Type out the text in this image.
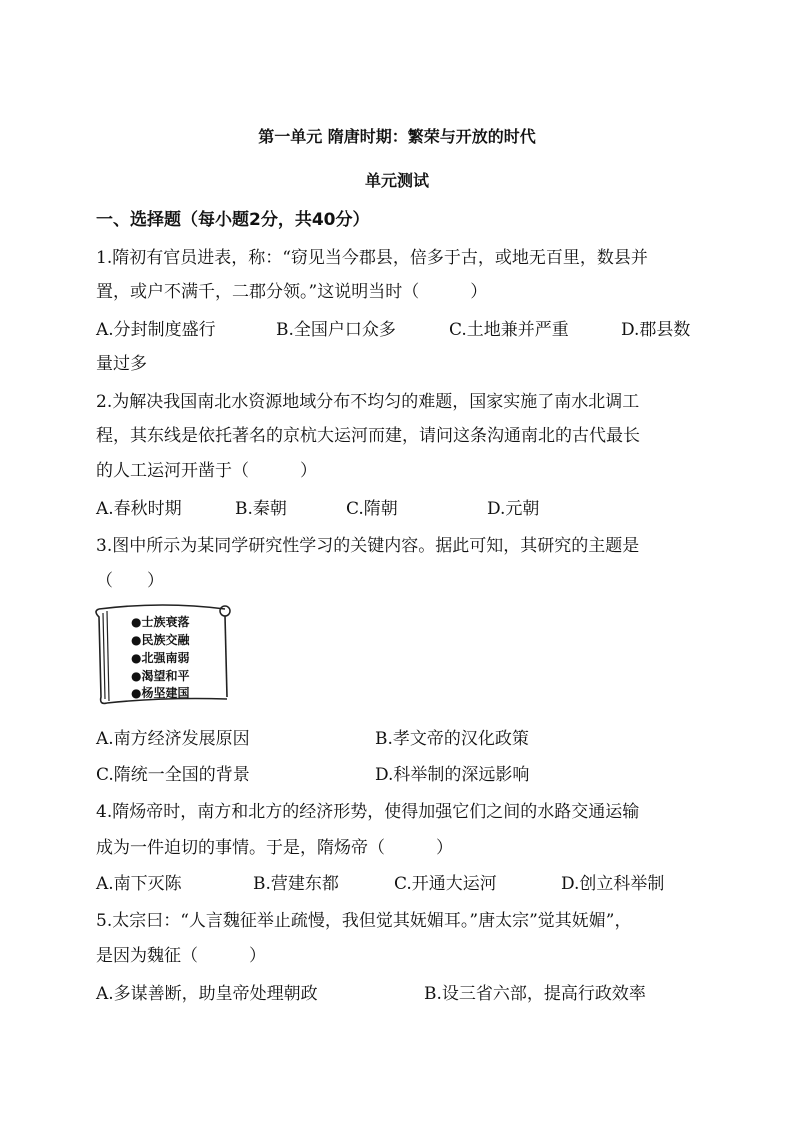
第一单元 隋唐时期：繁荣与开放的时代
单元测试
一、选择题（每小题2分，共40分）
1.隋初有官员进表，称：“窃见当今郡县，倍多于古，或地无百里，数县并
置，或户不满千，二郡分领。”这说明当时（　　　）
A.分封制度盛行	B.全国户口众多	C.土地兼并严重	D.郡县数
量过多
2.为解决我国南北水资源地域分布不均匀的难题，国家实施了南水北调工
程，其东线是依托著名的京杭大运河而建，请问这条沟通南北的古代最长
的人工运河开凿于（　　　）
A.春秋时期	B.秦朝	C.隋朝	D.元朝
3.图中所示为某同学研究性学习的关键内容。据此可知，其研究的主题是
（　　）
●士族衰落
●民族交融
●北强南弱
●渴望和平
●杨坚建国
A.南方经济发展原因	B.孝文帝的汉化政策
C.隋统一全国的背景	D.科举制的深远影响
4.隋炀帝时，南方和北方的经济形势，使得加强它们之间的水路交通运输
成为一件迫切的事情。于是，隋炀帝（　　　）
A.南下灭陈	B.营建东都	C.开通大运河	D.创立科举制
5.太宗曰：“人言魏征举止疏慢，我但觉其妩媚耳。”唐太宗”觉其妩媚”，
是因为魏征（　　　）
A.多谋善断，助皇帝处理朝政	B.设三省六部，提高行政效率
